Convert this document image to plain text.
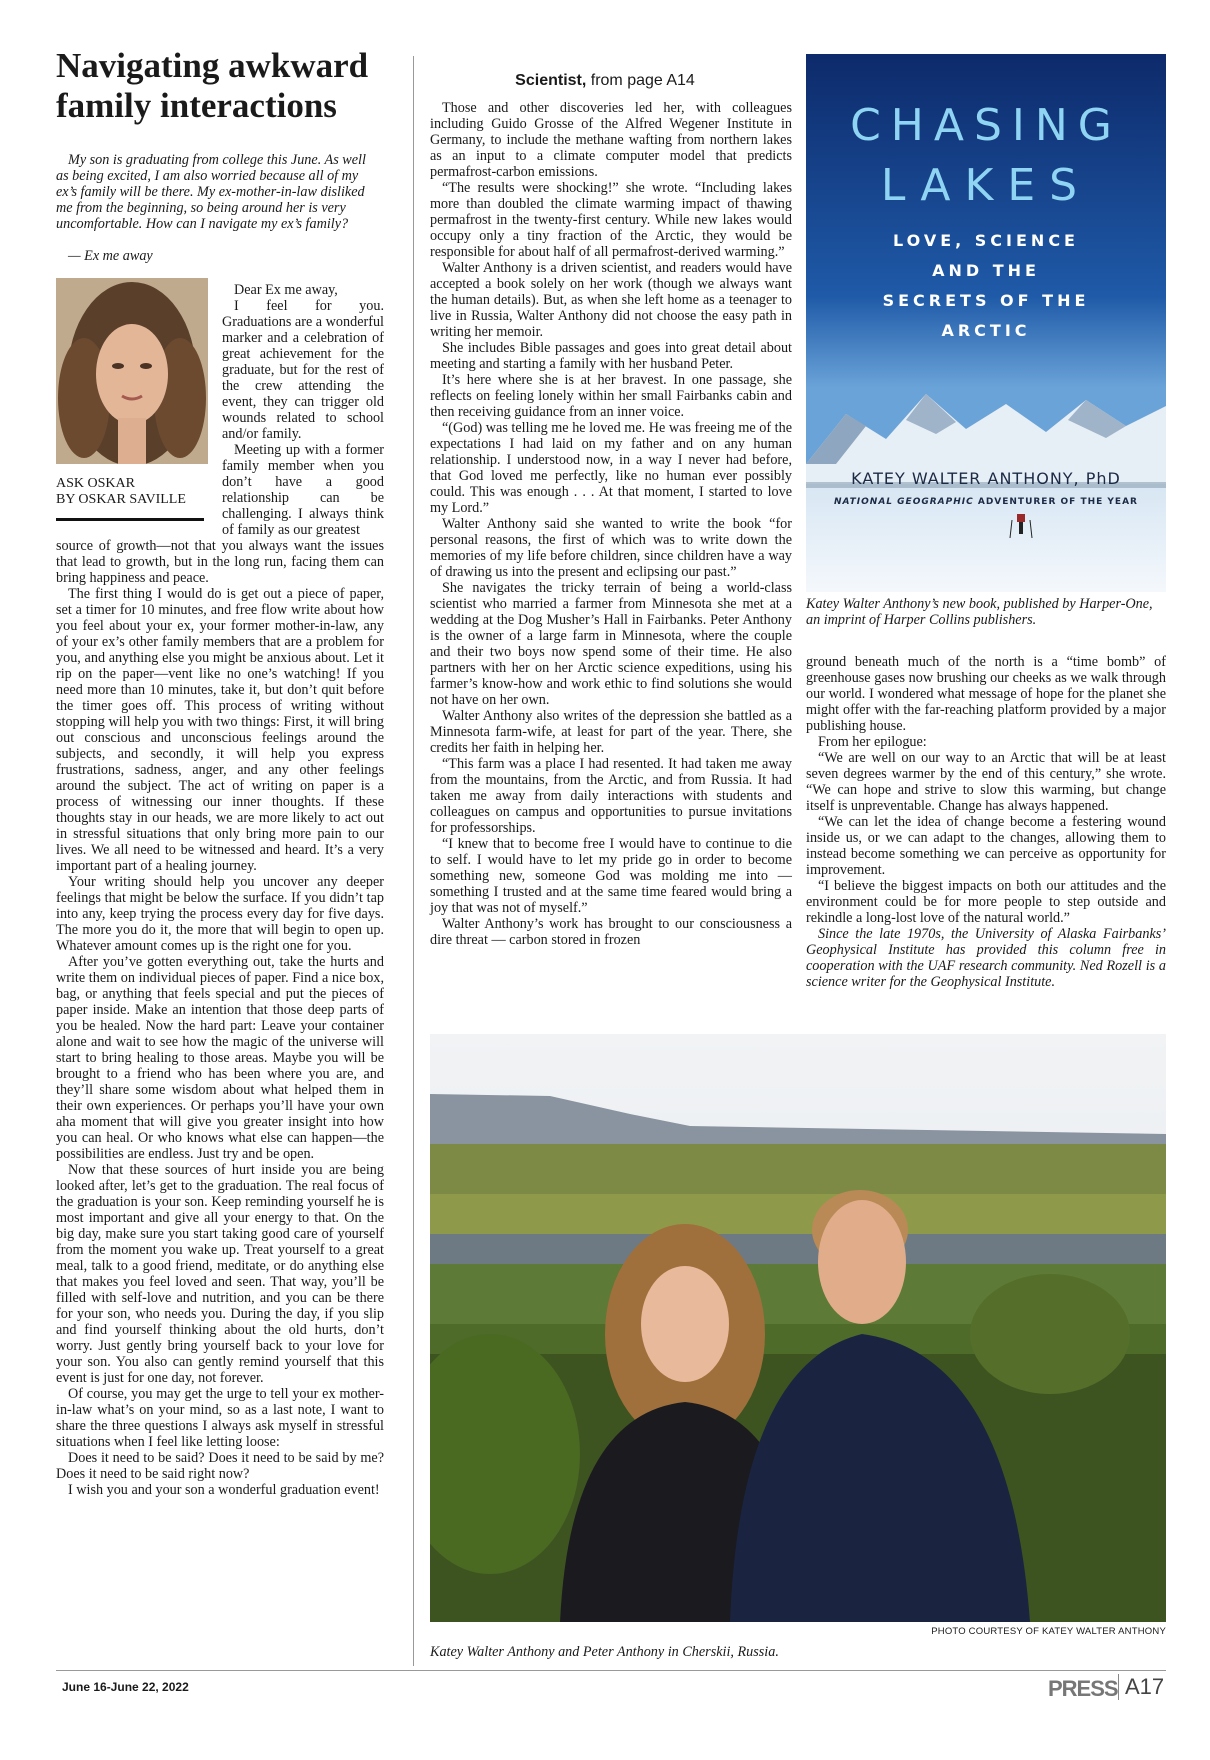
Navigating awkward family interactions

My son is graduating from college this June. As well as being excited, I am also worried because all of my ex’s family will be there. My ex-mother-in-law disliked me from the beginning, so being around her is very uncomfortable. How can I navigate my ex’s family?

— Ex me away
ASK OSKAR
BY OSKAR SAVILLE

Dear Ex me away,

I feel for you. Graduations are a wonderful marker and a celebration of great achievement for the graduate, but for the rest of the crew attending the event, they can trigger old wounds related to school and/or family.

Meeting up with a former family member when you don’t have a good relationship can be challenging. I always think of family as our greatest

source of growth—not that you always want the issues that lead to growth, but in the long run, facing them can bring happiness and peace.

The first thing I would do is get out a piece of paper, set a timer for 10 minutes, and free flow write about how you feel about your ex, your former mother-in-law, any of your ex’s other family members that are a problem for you, and anything else you might be anxious about. Let it rip on the paper—vent like no one’s watching! If you need more than 10 minutes, take it, but don’t quit before the timer goes off. This process of writing without stopping will help you with two things: First, it will bring out conscious and unconscious feelings around the subjects, and secondly, it will help you express frustrations, sadness, anger, and any other feelings around the subject. The act of writing on paper is a process of witnessing our inner thoughts. If these thoughts stay in our heads, we are more likely to act out in stressful situations that only bring more pain to our lives. We all need to be witnessed and heard. It’s a very important part of a healing journey.

Your writing should help you uncover any deeper feelings that might be below the surface. If you didn’t tap into any, keep trying the process every day for five days. The more you do it, the more that will begin to open up. Whatever amount comes up is the right one for you.

After you’ve gotten everything out, take the hurts and write them on individual pieces of paper. Find a nice box, bag, or anything that feels special and put the pieces of paper inside. Make an intention that those deep parts of you be healed. Now the hard part: Leave your container alone and wait to see how the magic of the universe will start to bring healing to those areas. Maybe you will be brought to a friend who has been where you are, and they’ll share some wisdom about what helped them in their own experiences. Or perhaps you’ll have your own aha moment that will give you greater insight into how you can heal. Or who knows what else can happen—the possibilities are endless. Just try and be open.

Now that these sources of hurt inside you are being looked after, let’s get to the graduation. The real focus of the graduation is your son. Keep reminding yourself he is most important and give all your energy to that. On the big day, make sure you start taking good care of yourself from the moment you wake up. Treat yourself to a great meal, talk to a good friend, meditate, or do anything else that makes you feel loved and seen. That way, you’ll be filled with self-love and nutrition, and you can be there for your son, who needs you. During the day, if you slip and find yourself thinking about the old hurts, don’t worry. Just gently bring yourself back to your love for your son. You also can gently remind yourself that this event is just for one day, not forever.

Of course, you may get the urge to tell your ex mother-in-law what’s on your mind, so as a last note, I want to share the three questions I always ask myself in stressful situations when I feel like letting loose:

Does it need to be said? Does it need to be said by me? Does it need to be said right now?

I wish you and your son a wonderful graduation event!

Scientist, from page A14

Those and other discoveries led her, with colleagues including Guido Grosse of the Alfred Wegener Institute in Germany, to include the methane wafting from northern lakes as an input to a climate computer model that predicts permafrost-carbon emissions.

“The results were shocking!” she wrote. “Including lakes more than doubled the climate warming impact of thawing permafrost in the twenty-first century. While new lakes would occupy only a tiny fraction of the Arctic, they would be responsible for about half of all permafrost-derived warming.”

Walter Anthony is a driven scientist, and readers would have accepted a book solely on her work (though we always want the human details). But, as when she left home as a teenager to live in Russia, Walter Anthony did not choose the easy path in writing her memoir.

She includes Bible passages and goes into great detail about meeting and starting a family with her husband Peter.

It’s here where she is at her bravest. In one passage, she reflects on feeling lonely within her small Fairbanks cabin and then receiving guidance from an inner voice.

“(God) was telling me he loved me. He was freeing me of the expectations I had laid on my father and on any human relationship. I understood now, in a way I never had before, that God loved me perfectly, like no human ever possibly could. This was enough . . . At that moment, I started to love my Lord.”

Walter Anthony said she wanted to write the book “for personal reasons, the first of which was to write down the memories of my life before children, since children have a way of drawing us into the present and eclipsing our past.”

She navigates the tricky terrain of being a world-class scientist who married a farmer from Minnesota she met at a wedding at the Dog Musher’s Hall in Fairbanks. Peter Anthony is the owner of a large farm in Minnesota, where the couple and their two boys now spend some of their time. He also partners with her on her Arctic science expeditions, using his farmer’s know-how and work ethic to find solutions she would not have on her own.

Walter Anthony also writes of the depression she battled as a Minnesota farm-wife, at least for part of the year. There, she credits her faith in helping her.

“This farm was a place I had resented. It had taken me away from the mountains, from the Arctic, and from Russia. It had taken me away from daily interactions with students and colleagues on campus and opportunities to pursue invitations for professorships.

“I knew that to become free I would have to continue to die to self. I would have to let my pride go in order to become something new, someone God was molding me into — something I trusted and at the same time feared would bring a joy that was not of myself.”

Walter Anthony’s work has brought to our consciousness a dire threat — carbon stored in frozen

CHASING
LAKES
LOVE, SCIENCE
AND THE
SECRETS OF THE
ARCTIC
KATEY WALTER ANTHONY, PhD
NATIONAL GEOGRAPHIC ADVENTURER OF THE YEAR
Katey Walter Anthony’s new book, published by Harper-One, an imprint of Harper Collins publishers.

ground beneath much of the north is a “time bomb” of greenhouse gases now brushing our cheeks as we walk through our world. I wondered what message of hope for the planet she might offer with the far-reaching platform provided by a major publishing house.

From her epilogue:

“We are well on our way to an Arctic that will be at least seven degrees warmer by the end of this century,” she wrote. “We can hope and strive to slow this warming, but change itself is unpreventable. Change has always happened.

“We can let the idea of change become a festering wound inside us, or we can adapt to the changes, allowing them to instead become something we can perceive as opportunity for improvement.

“I believe the biggest impacts on both our attitudes and the environment could be for more people to step outside and rekindle a long-lost love of the natural world.”

Since the late 1970s, the University of Alaska Fairbanks’ Geophysical Institute has provided this column free in cooperation with the UAF research community. Ned Rozell is a science writer for the Geophysical Institute.

PHOTO COURTESY OF KATEY WALTER ANTHONY
Katey Walter Anthony and Peter Anthony in Cherskii, Russia.
June 16-June 22, 2022	PRESS A17
